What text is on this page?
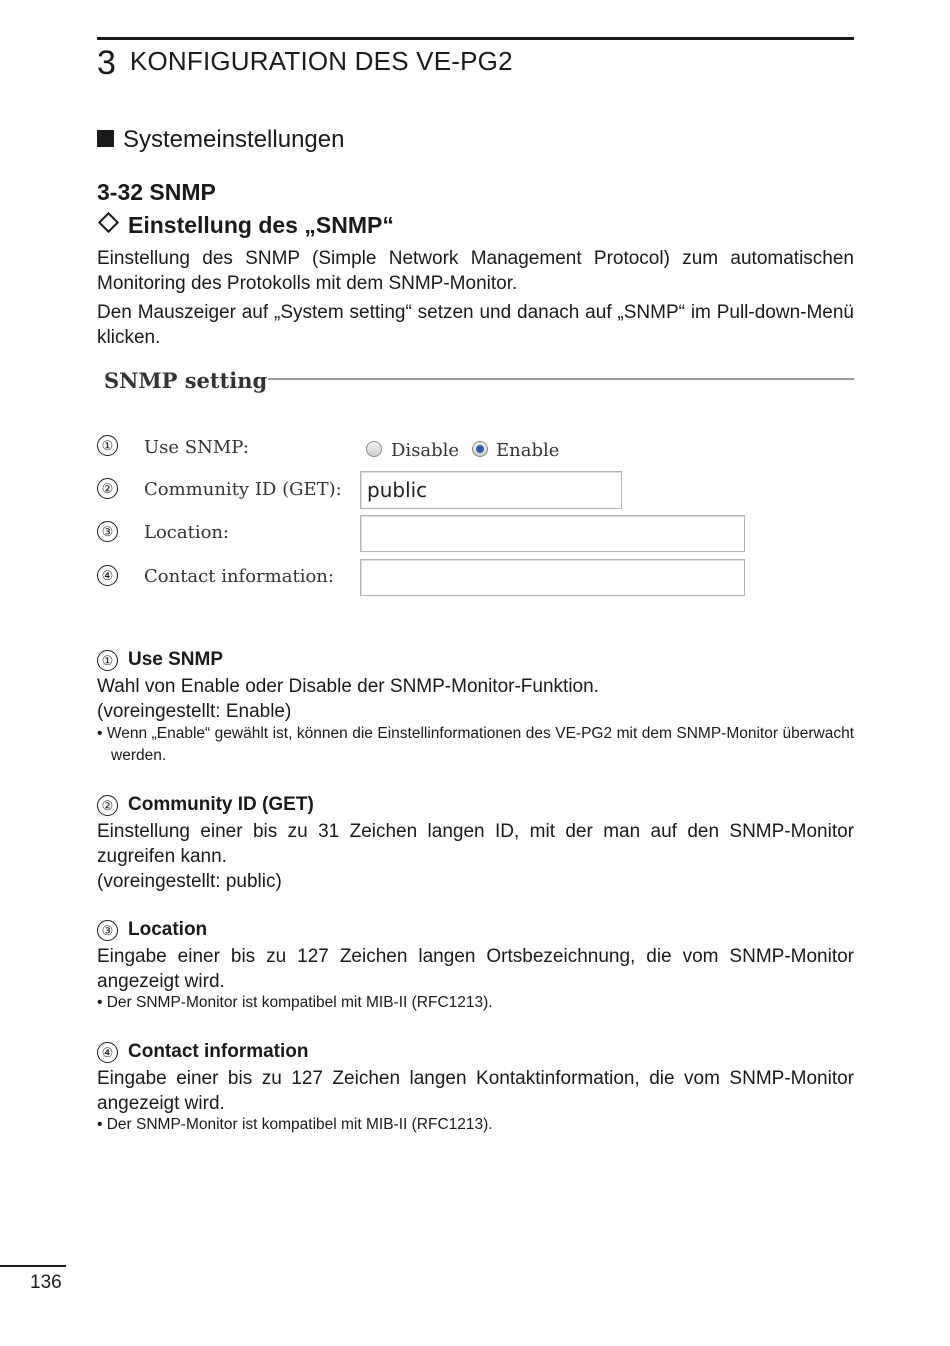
3 KONFIGURATION DES VE-PG2
Systemeinstellungen
3-32 SNMP
Einstellung des „SNMP“
Einstellung des SNMP (Simple Network Management Protocol) zum automatischen Monitoring des Protokolls mit dem SNMP-Monitor.
Den Mauszeiger auf „System setting“ setzen und danach auf „SNMP“ im Pull-down-Menü klicken.
SNMP setting
① Use SNMP:	Disable Enable
② Community ID (GET):	public
③ Location:
④ Contact information:
① Use SNMP
Wahl von Enable oder Disable der SNMP-Monitor-Funktion.
(voreingestellt: Enable)
• Wenn „Enable“ gewählt ist, können die Einstellinformationen des VE-PG2 mit dem SNMP-Monitor überwacht werden.
② Community ID (GET)
Einstellung einer bis zu 31 Zeichen langen ID, mit der man auf den SNMP-Monitor zugreifen kann.
(voreingestellt: public)
③ Location
Eingabe einer bis zu 127 Zeichen langen Ortsbezeichnung, die vom SNMP-Monitor angezeigt wird.
• Der SNMP-Monitor ist kompatibel mit MIB-II (RFC1213).
④ Contact information
Eingabe einer bis zu 127 Zeichen langen Kontaktinformation, die vom SNMP-Monitor angezeigt wird.
• Der SNMP-Monitor ist kompatibel mit MIB-II (RFC1213).
136
